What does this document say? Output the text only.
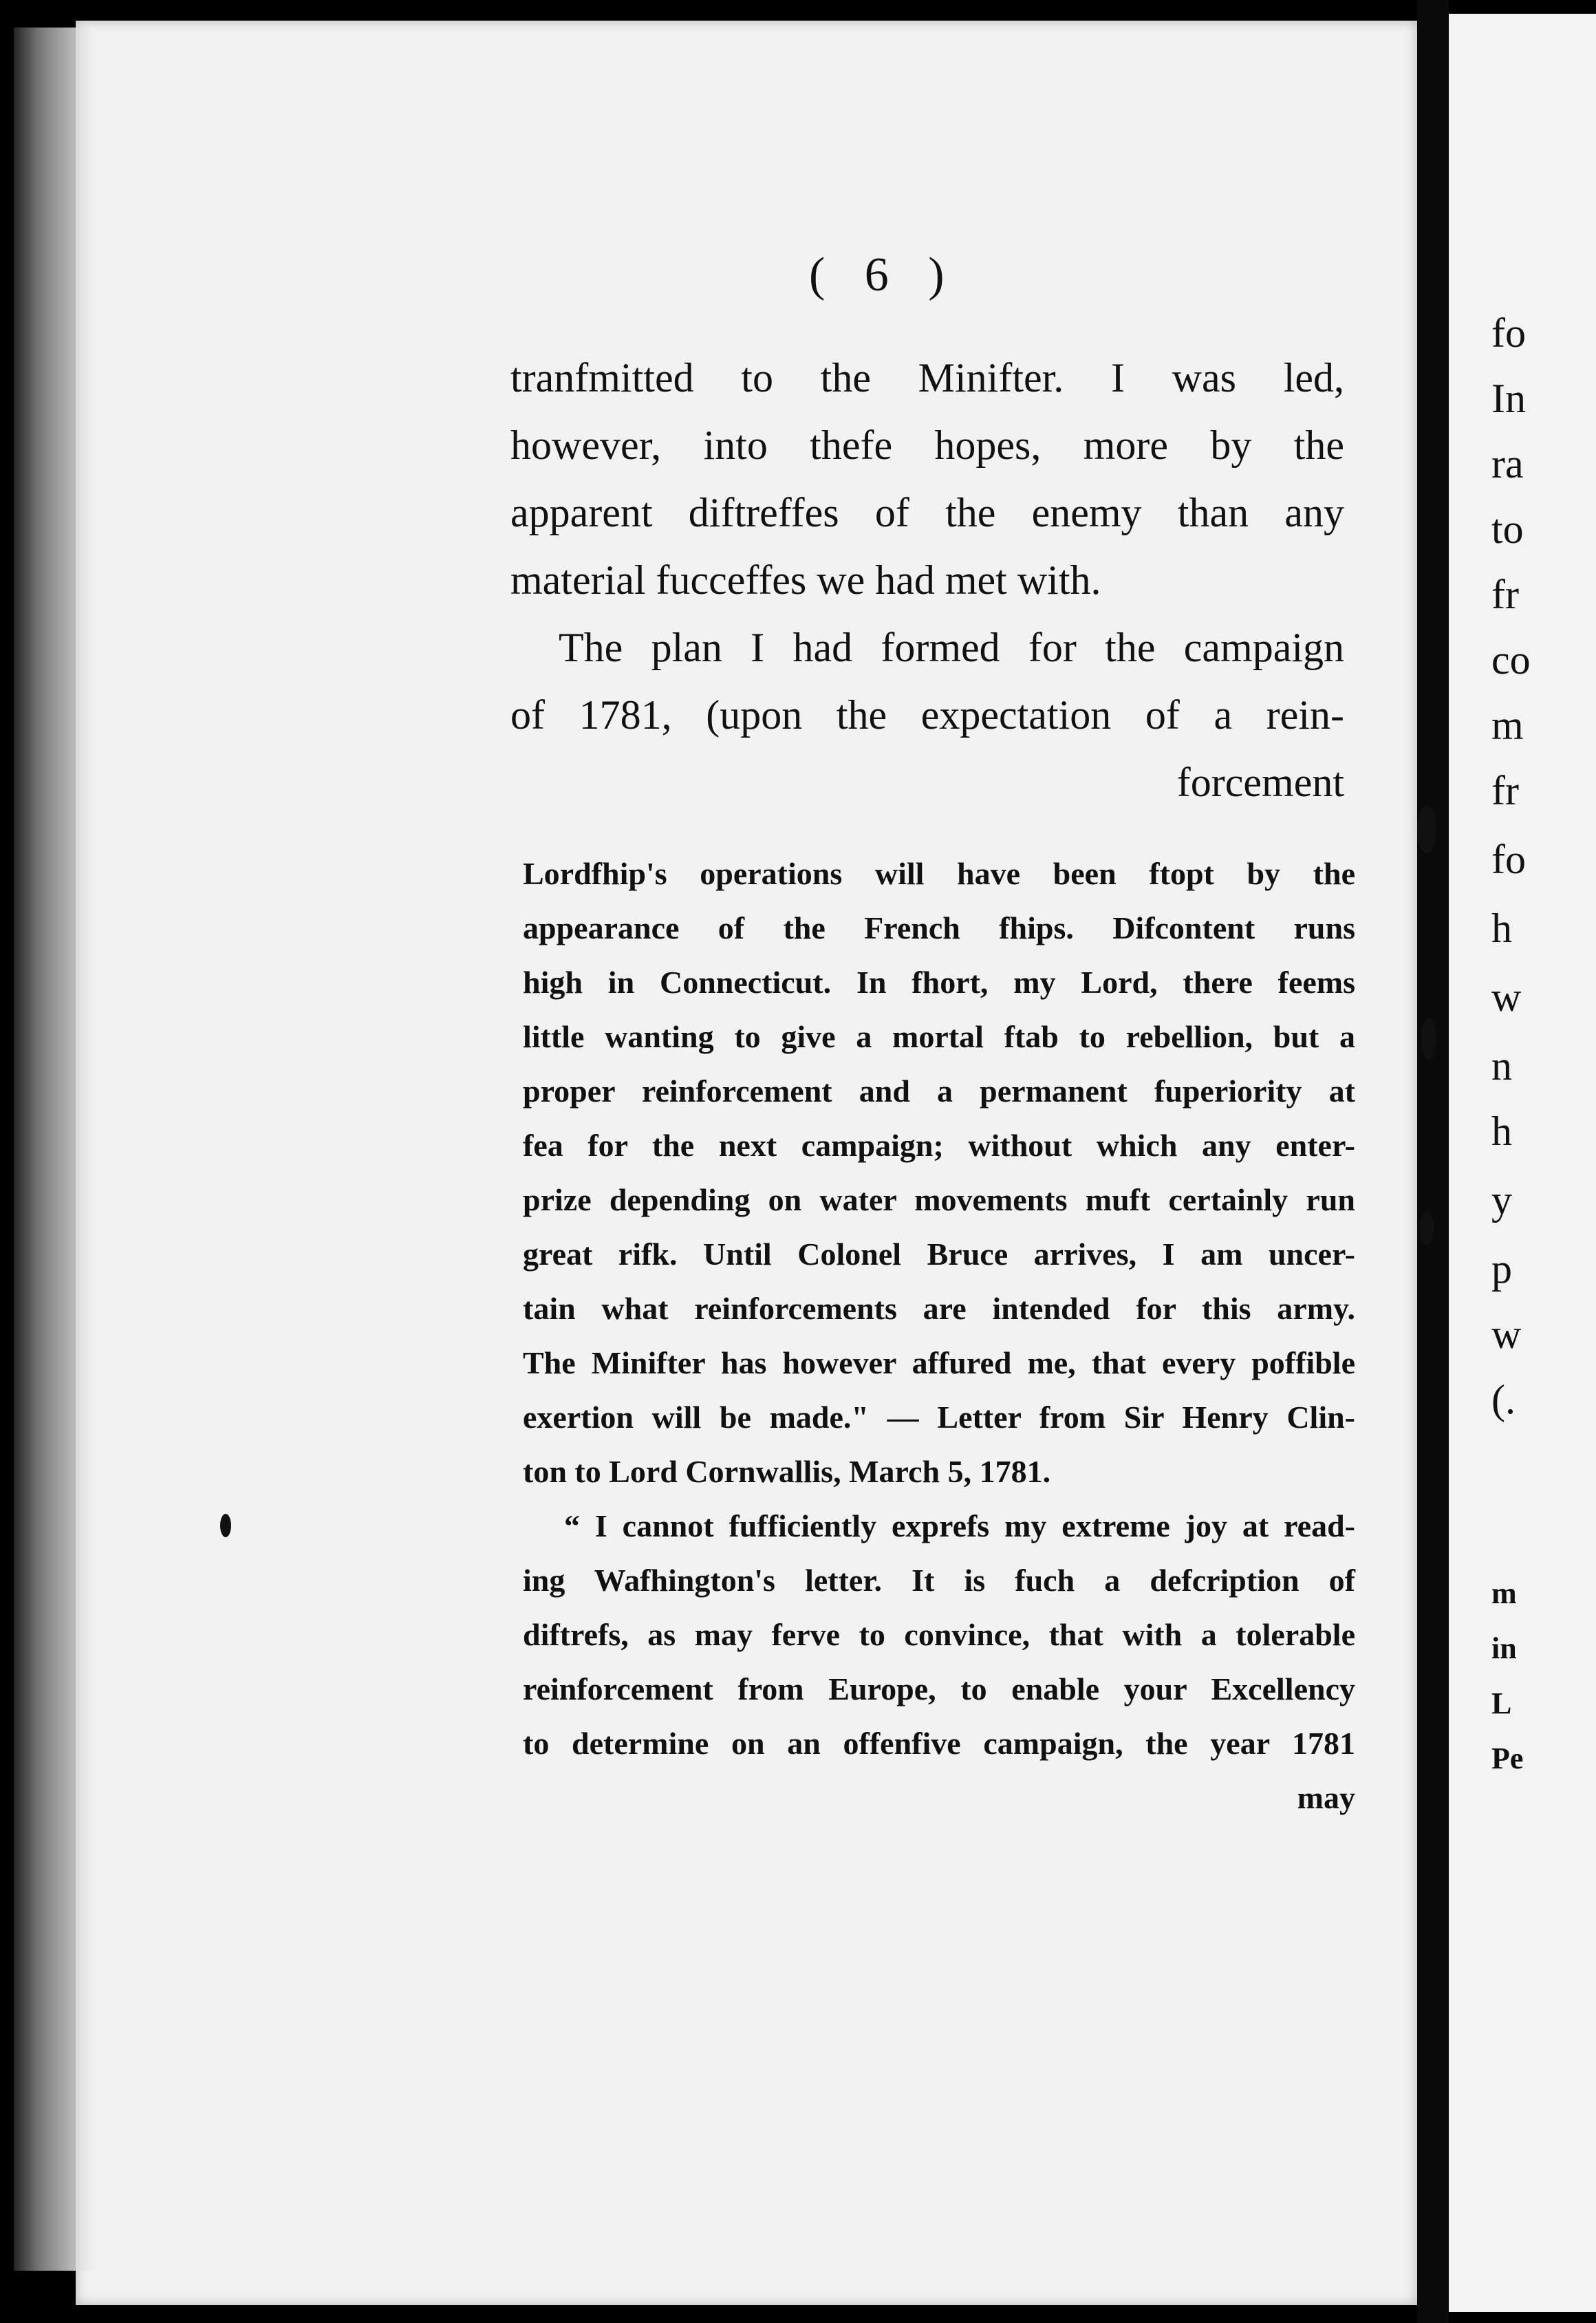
( 6 )
tranfmitted to the Minifter. I was led,
however, into thefe hopes, more by the
apparent diftreffes of the enemy than any
material fucceffes we had met with.
The plan I had formed for the campaign
of 1781, (upon the expectation of a rein-
forcement
Lordfhip's operations will have been ftopt by the
appearance of the French fhips. Difcontent runs
high in Connecticut. In fhort, my Lord, there feems
little wanting to give a mortal ftab to rebellion, but a
proper reinforcement and a permanent fuperiority at
fea for the next campaign; without which any enter-
prize depending on water movements muft certainly run
great rifk. Until Colonel Bruce arrives, I am uncer-
tain what reinforcements are intended for this army.
The Minifter has however affured me, that every poffible
exertion will be made." — Letter from Sir Henry Clin-
ton to Lord Cornwallis, March 5, 1781.
“ I cannot fufficiently exprefs my extreme joy at read-
ing Wafhington's letter. It is fuch a defcription of
diftrefs, as may ferve to convince, that with a tolerable
reinforcement from Europe, to enable your Excellency
to determine on an offenfive campaign, the year 1781
may
fo
In
ra
to
fr
co
m
fr
fo
h
w
n
h
y
p
w
(.
m
in
L
Pe
